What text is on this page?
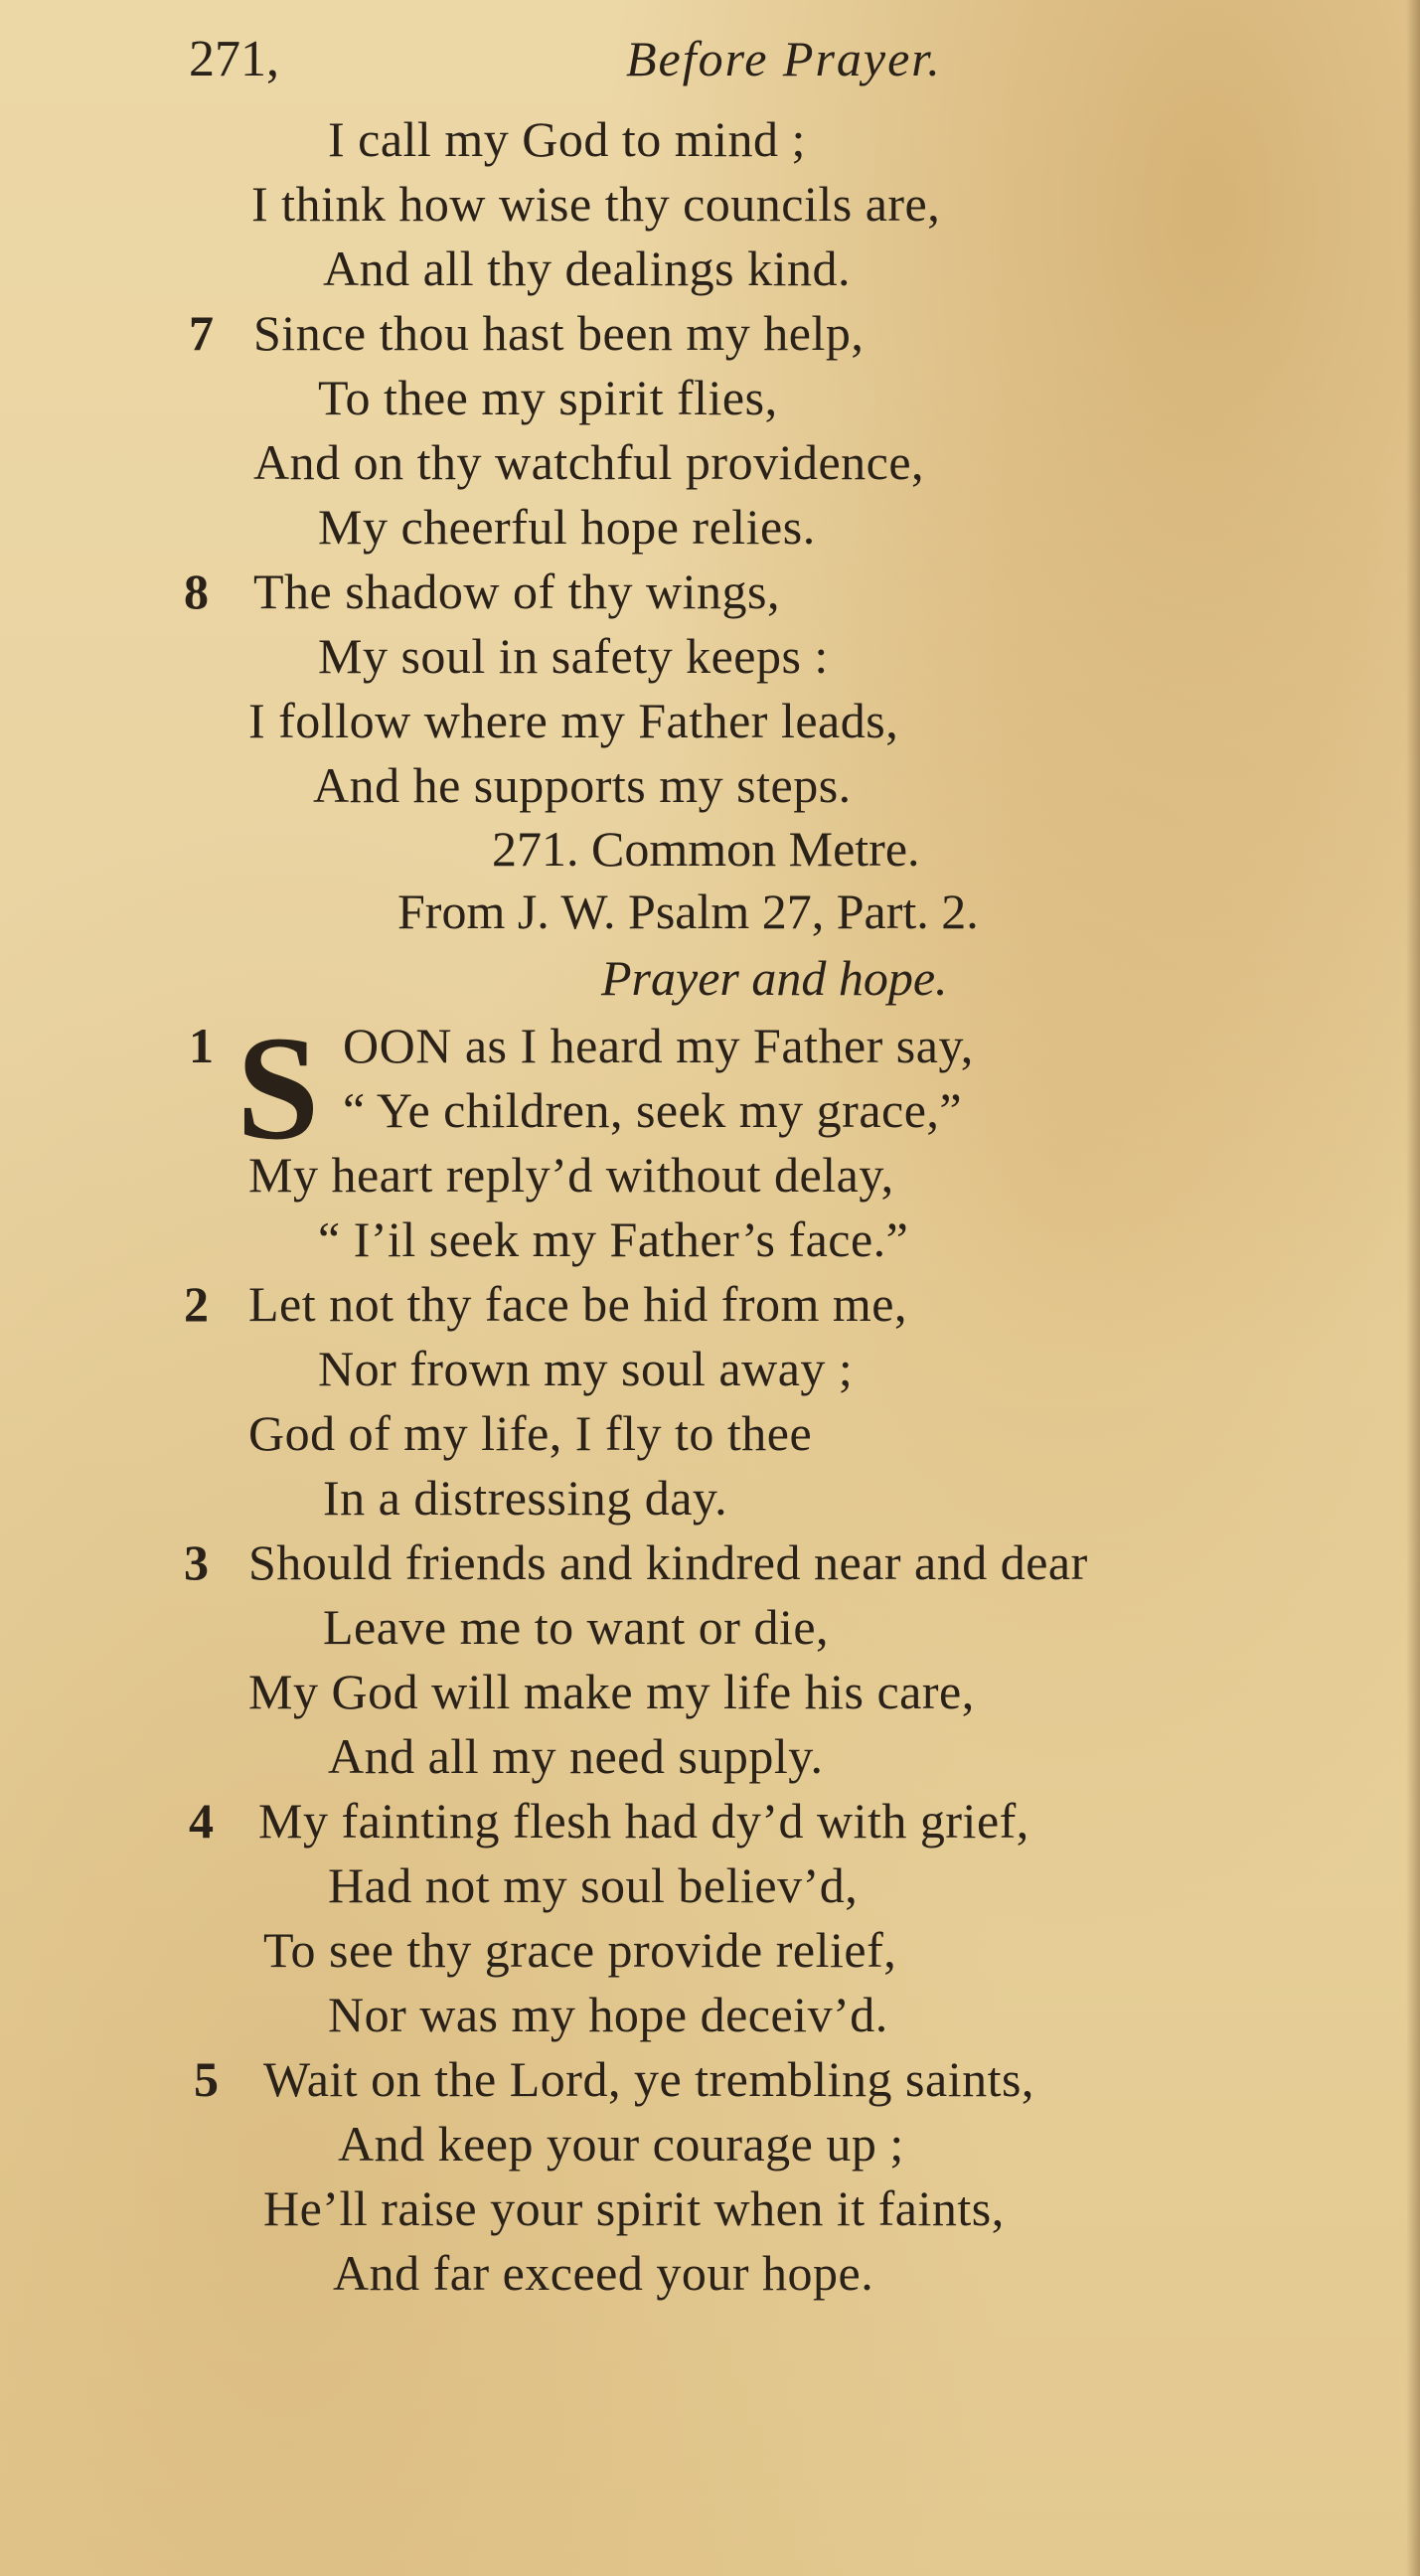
271,	Before Prayer.
I call my God to mind ;
I think how wise thy councils are,
And all thy dealings kind.
7 Since thou hast been my help,
To thee my spirit flies,
And on thy watchful providence,
My cheerful hope relies.
8 The shadow of thy wings,
My soul in safety keeps :
I follow where my Father leads,
And he supports my steps.
271. Common Metre.
From J. W. Psalm 27, Part. 2.
Prayer and hope.
1 S OON as I heard my Father say,
“ Ye children, seek my grace,”
My heart reply’d without delay,
“ I’il seek my Father’s face.”
2 Let not thy face be hid from me,
Nor frown my soul away ;
God of my life, I fly to thee
In a distressing day.
3 Should friends and kindred near and dear
Leave me to want or die,
My God will make my life his care,
And all my need supply.
4 My fainting flesh had dy’d with grief,
Had not my soul believ’d,
To see thy grace provide relief,
Nor was my hope deceiv’d.
5 Wait on the Lord, ye trembling saints,
And keep your courage up ;
He’ll raise your spirit when it faints,
And far exceed your hope.
